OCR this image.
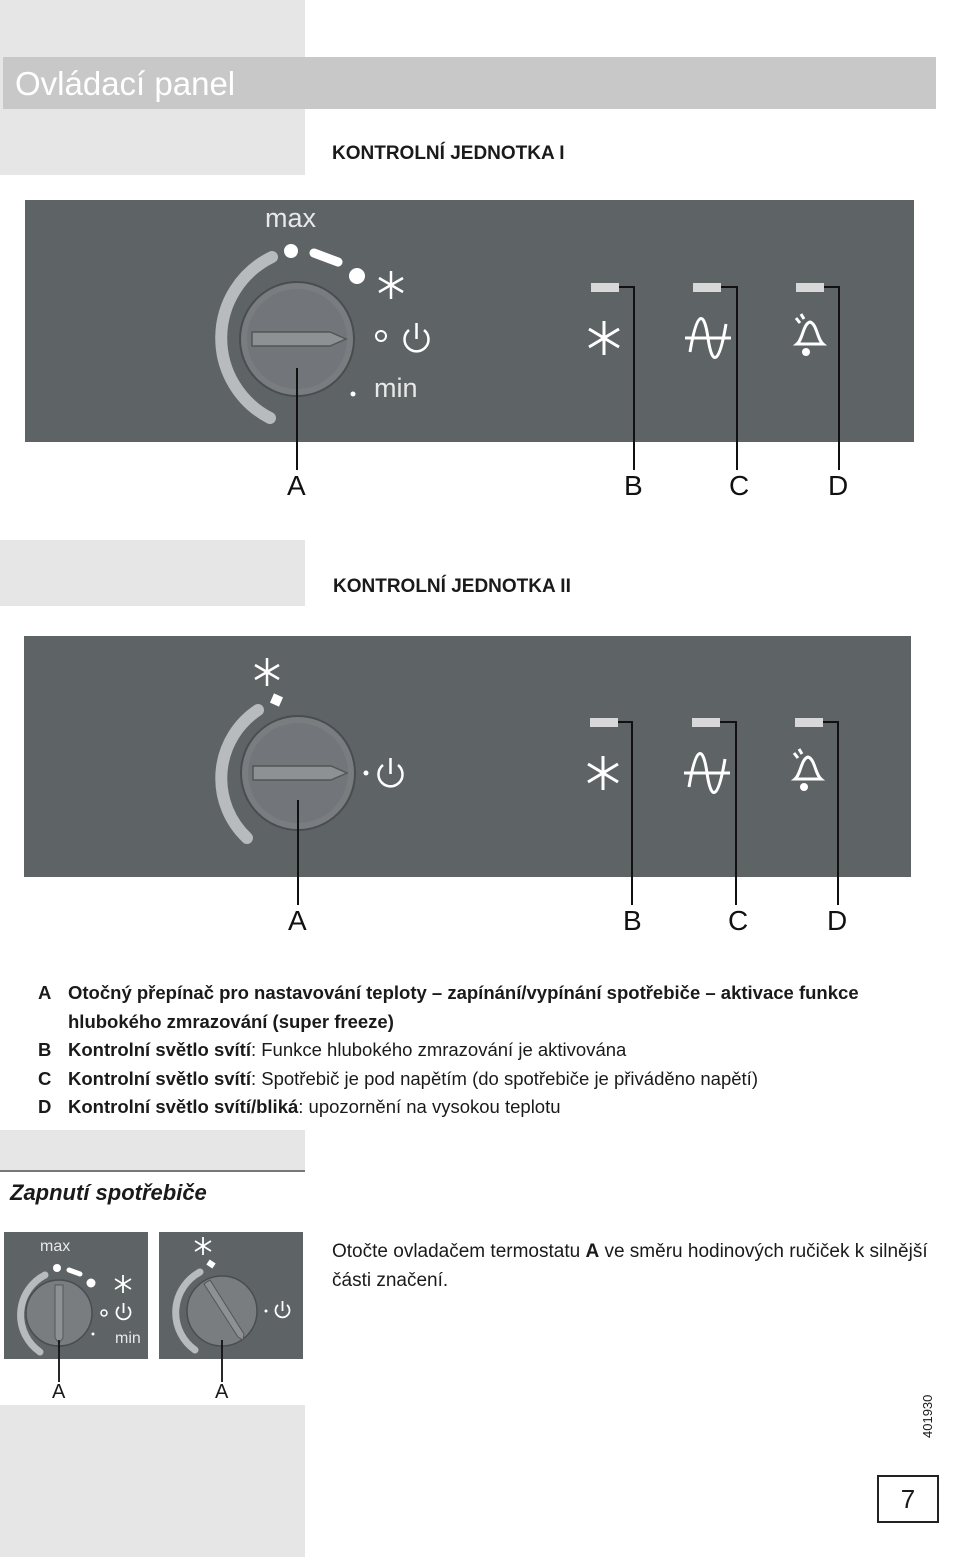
Ovládací panel
KONTROLNÍ JEDNOTKA I
max
min
A	B	C	D
KONTROLNÍ JEDNOTKA II
A	B	C	D
A Otočný přepínač pro nastavování teploty – zapínání/vypínání spotřebiče – aktivace funkce hlubokého zmrazování (super freeze)
B Kontrolní světlo svítí: Funkce hlubokého zmrazování je aktivována
C Kontrolní světlo svítí: Spotřebič je pod napětím (do spotřebiče je přiváděno napětí)
D Kontrolní světlo svítí/bliká: upozornění na vysokou teplotu
Zapnutí spotřebiče
max
min
A	A
Otočte ovladačem termostatu A ve směru hodinových ručiček k silnější části značení.
401930
7
